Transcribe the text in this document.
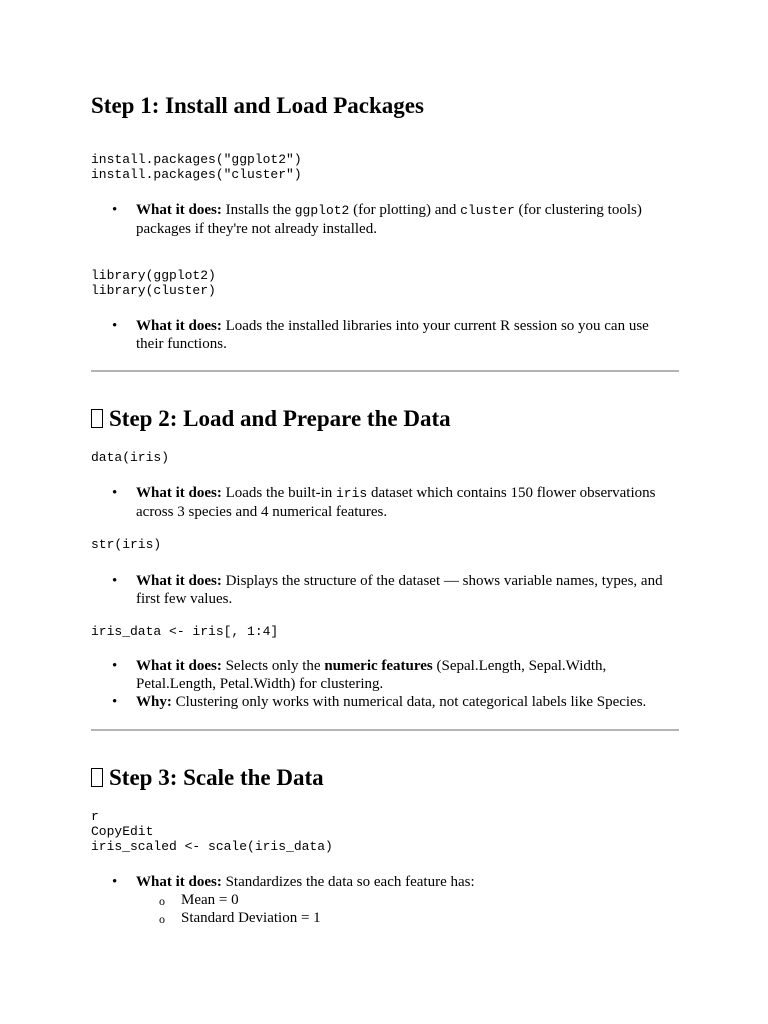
Step 1: Install and Load Packages
install.packages("ggplot2")
install.packages("cluster")
• What it does: Installs the ggplot2 (for plotting) and cluster (for clustering tools) packages if they're not already installed.
library(ggplot2)
library(cluster)
• What it does: Loads the installed libraries into your current R session so you can use their functions.
Step 2: Load and Prepare the Data
data(iris)
• What it does: Loads the built-in iris dataset which contains 150 flower observations across 3 species and 4 numerical features.
str(iris)
• What it does: Displays the structure of the dataset — shows variable names, types, and first few values.
iris_data <- iris[, 1:4]
• What it does: Selects only the numeric features (Sepal.Length, Sepal.Width, Petal.Length, Petal.Width) for clustering.
• Why: Clustering only works with numerical data, not categorical labels like Species.
Step 3: Scale the Data
r
CopyEdit
iris_scaled <- scale(iris_data)
• What it does: Standardizes the data so each feature has:
o Mean = 0
o Standard Deviation = 1
